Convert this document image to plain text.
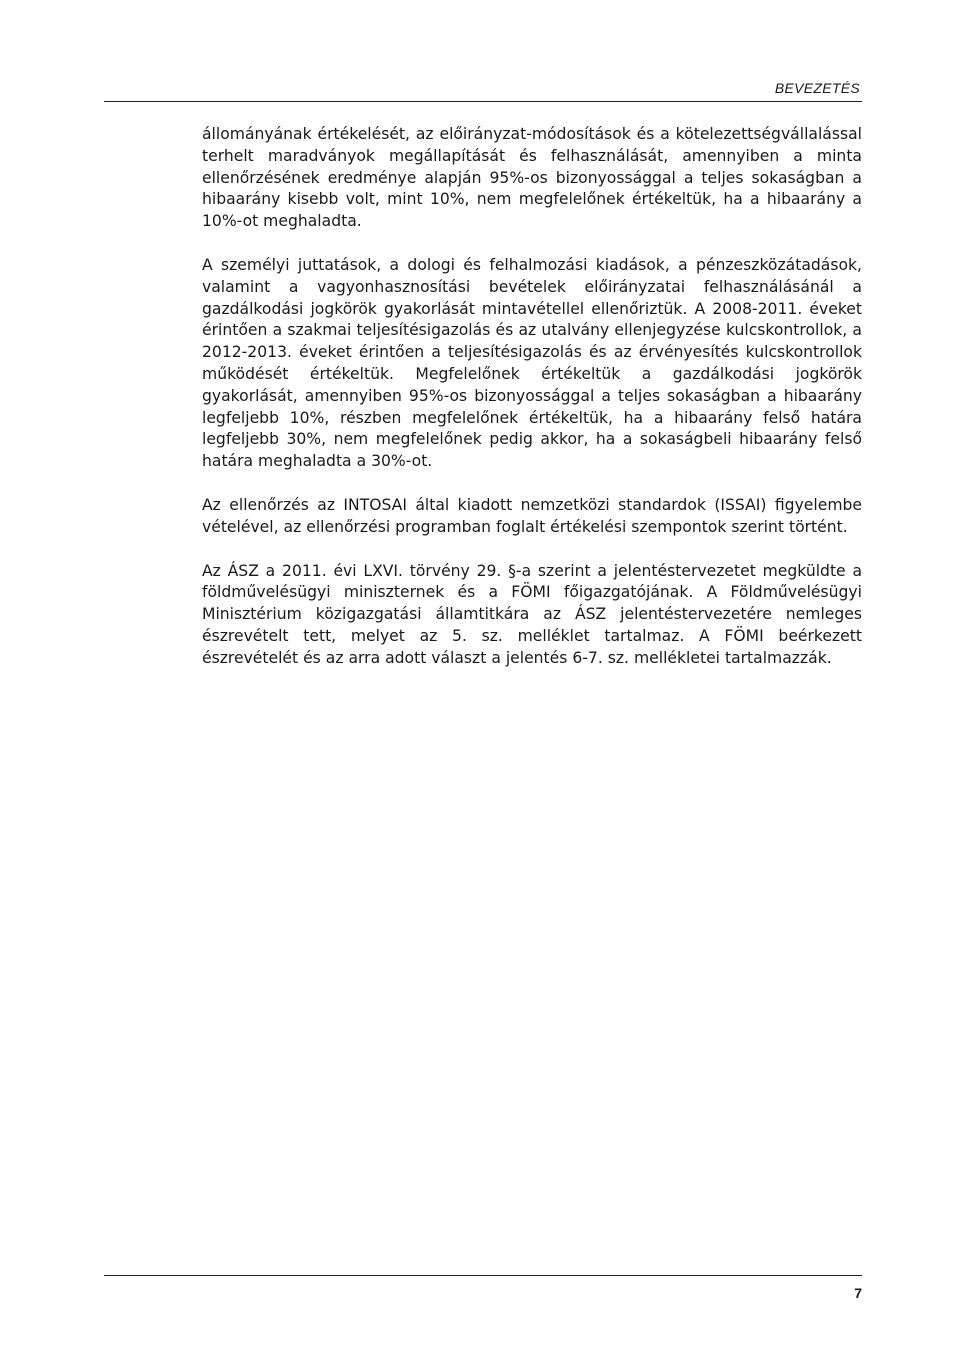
BEVEZETÉS

állományának értékelését, az előirányzat-módosítások és a kötelezettségvállalással terhelt maradványok megállapítását és felhasználását, amennyiben a minta ellenőrzésének eredménye alapján 95%-os bizonyossággal a teljes sokaságban a hibaarány kisebb volt, mint 10%, nem megfelelőnek értékeltük, ha a hibaarány a 10%-ot meghaladta.

A személyi juttatások, a dologi és felhalmozási kiadások, a pénzeszközátadások, valamint a vagyonhasznosítási bevételek előirányzatai felhasználásánál a gazdálkodási jogkörök gyakorlását mintavétellel ellenőriztük. A 2008-2011. éveket érintően a szakmai teljesítésigazolás és az utalvány ellenjegyzése kulcskontrollok, a 2012-2013. éveket érintően a teljesítésigazolás és az érvényesítés kulcskontrollok működését értékeltük. Megfelelőnek értékeltük a gazdálkodási jogkörök gyakorlását, amennyiben 95%-os bizonyossággal a teljes sokaságban a hibaarány legfeljebb 10%, részben megfelelőnek értékeltük, ha a hibaarány felső határa legfeljebb 30%, nem megfelelőnek pedig akkor, ha a sokaságbeli hibaarány felső határa meghaladta a 30%-ot.

Az ellenőrzés az INTOSAI által kiadott nemzetközi standardok (ISSAI) figyelembe vételével, az ellenőrzési programban foglalt értékelési szempontok szerint történt.

Az ÁSZ a 2011. évi LXVI. törvény 29. §-a szerint a jelentéstervezetet megküldte a földművelésügyi miniszternek és a FÖMI főigazgatójának. A Földművelésügyi Minisztérium közigazgatási államtitkára az ÁSZ jelentéstervezetére nemleges észrevételt tett, melyet az 5. sz. melléklet tartalmaz. A FÖMI beérkezett észrevételét és az arra adott választ a jelentés 6-7. sz. mellékletei tartalmazzák.

7
